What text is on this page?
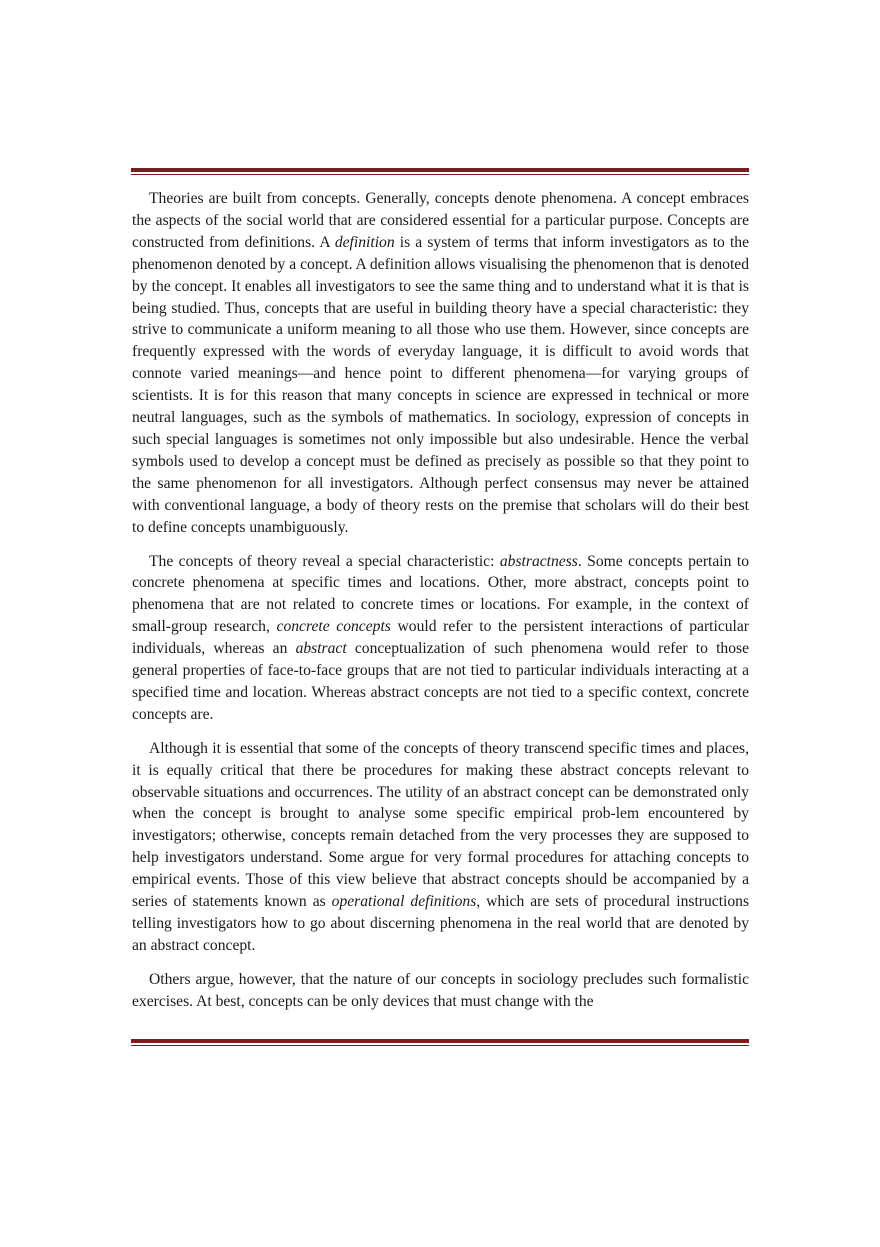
Theories are built from concepts. Generally, concepts denote phenomena. A concept embraces the aspects of the social world that are considered essential for a particular purpose. Concepts are constructed from definitions. A definition is a system of terms that inform investigators as to the phenomenon denoted by a concept. A definition allows visualising the phenomenon that is denoted by the concept. It enables all investigators to see the same thing and to understand what it is that is being studied. Thus, concepts that are useful in building theory have a special characteristic: they strive to communicate a uniform meaning to all those who use them. However, since concepts are frequently expressed with the words of everyday language, it is difficult to avoid words that connote varied meanings—and hence point to different phenomena—for varying groups of scientists. It is for this reason that many concepts in science are expressed in technical or more neutral languages, such as the symbols of mathematics. In sociology, expression of concepts in such special languages is sometimes not only impossible but also undesirable. Hence the verbal symbols used to develop a concept must be defined as precisely as possible so that they point to the same phenomenon for all investigators. Although perfect consensus may never be attained with conventional language, a body of theory rests on the premise that scholars will do their best to define concepts unambiguously.

The concepts of theory reveal a special characteristic: abstractness. Some concepts pertain to concrete phenomena at specific times and locations. Other, more abstract, concepts point to phenomena that are not related to concrete times or locations. For example, in the context of small-group research, concrete concepts would refer to the persistent interactions of particular individuals, whereas an abstract conceptualization of such phenomena would refer to those general properties of face-to-face groups that are not tied to particular individuals interacting at a specified time and location. Whereas abstract concepts are not tied to a specific context, concrete concepts are.

Although it is essential that some of the concepts of theory transcend specific times and places, it is equally critical that there be procedures for making these abstract concepts relevant to observable situations and occurrences. The utility of an abstract concept can be demonstrated only when the concept is brought to analyse some specific empirical prob-lem encountered by investigators; otherwise, concepts remain detached from the very processes they are supposed to help investigators understand. Some argue for very formal procedures for attaching concepts to empirical events. Those of this view believe that abstract concepts should be accompanied by a series of statements known as operational definitions, which are sets of procedural instructions telling investigators how to go about discerning phenomena in the real world that are denoted by an abstract concept.

Others argue, however, that the nature of our concepts in sociology precludes such formalistic exercises. At best, concepts can be only devices that must change with the
